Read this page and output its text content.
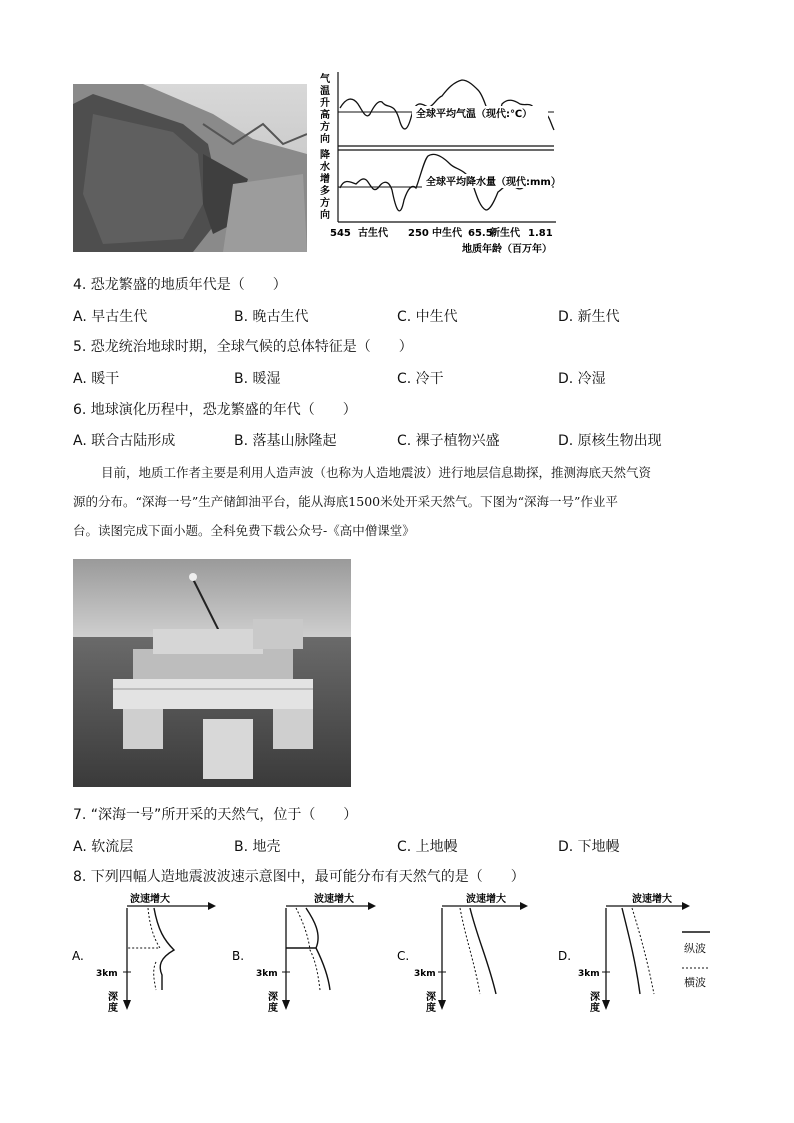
气温升高方向
降水增多方向
全球平均气温（现代:℃）
全球平均降水量（现代:mm）
545 古生代 250 中生代 65.5
新生代 1.81
地质年龄（百万年）
4. 恐龙繁盛的地质年代是（　　）
A. 早古生代	B. 晚古生代	C. 中生代	D. 新生代
5. 恐龙统治地球时期，全球气候的总体特征是（　　）
A. 暖干	B. 暖湿	C. 冷干	D. 冷湿
6. 地球演化历程中，恐龙繁盛的年代（　　）
A. 联合古陆形成	B. 落基山脉隆起	C. 裸子植物兴盛	D. 原核生物出现
目前，地质工作者主要是利用人造声波（也称为人造地震波）进行地层信息勘探，推测海底天然气资
源的分布。“深海一号”生产储卸油平台，能从海底1500米处开采天然气。下图为“深海一号”作业平
台。读图完成下面小题。全科免费下载公众号-《高中僧课堂》
7. “深海一号”所开采的天然气，位于（　　）
A. 软流层	B. 地壳	C. 上地幔	D. 下地幔
8. 下列四幅人造地震波波速示意图中，最可能分布有天然气的是（　　）
A.
波速增大
3km
深度
B.
波速增大
3km
深度
C.
波速增大
3km
深度
D.
波速增大
3km
深度
纵波
横波
